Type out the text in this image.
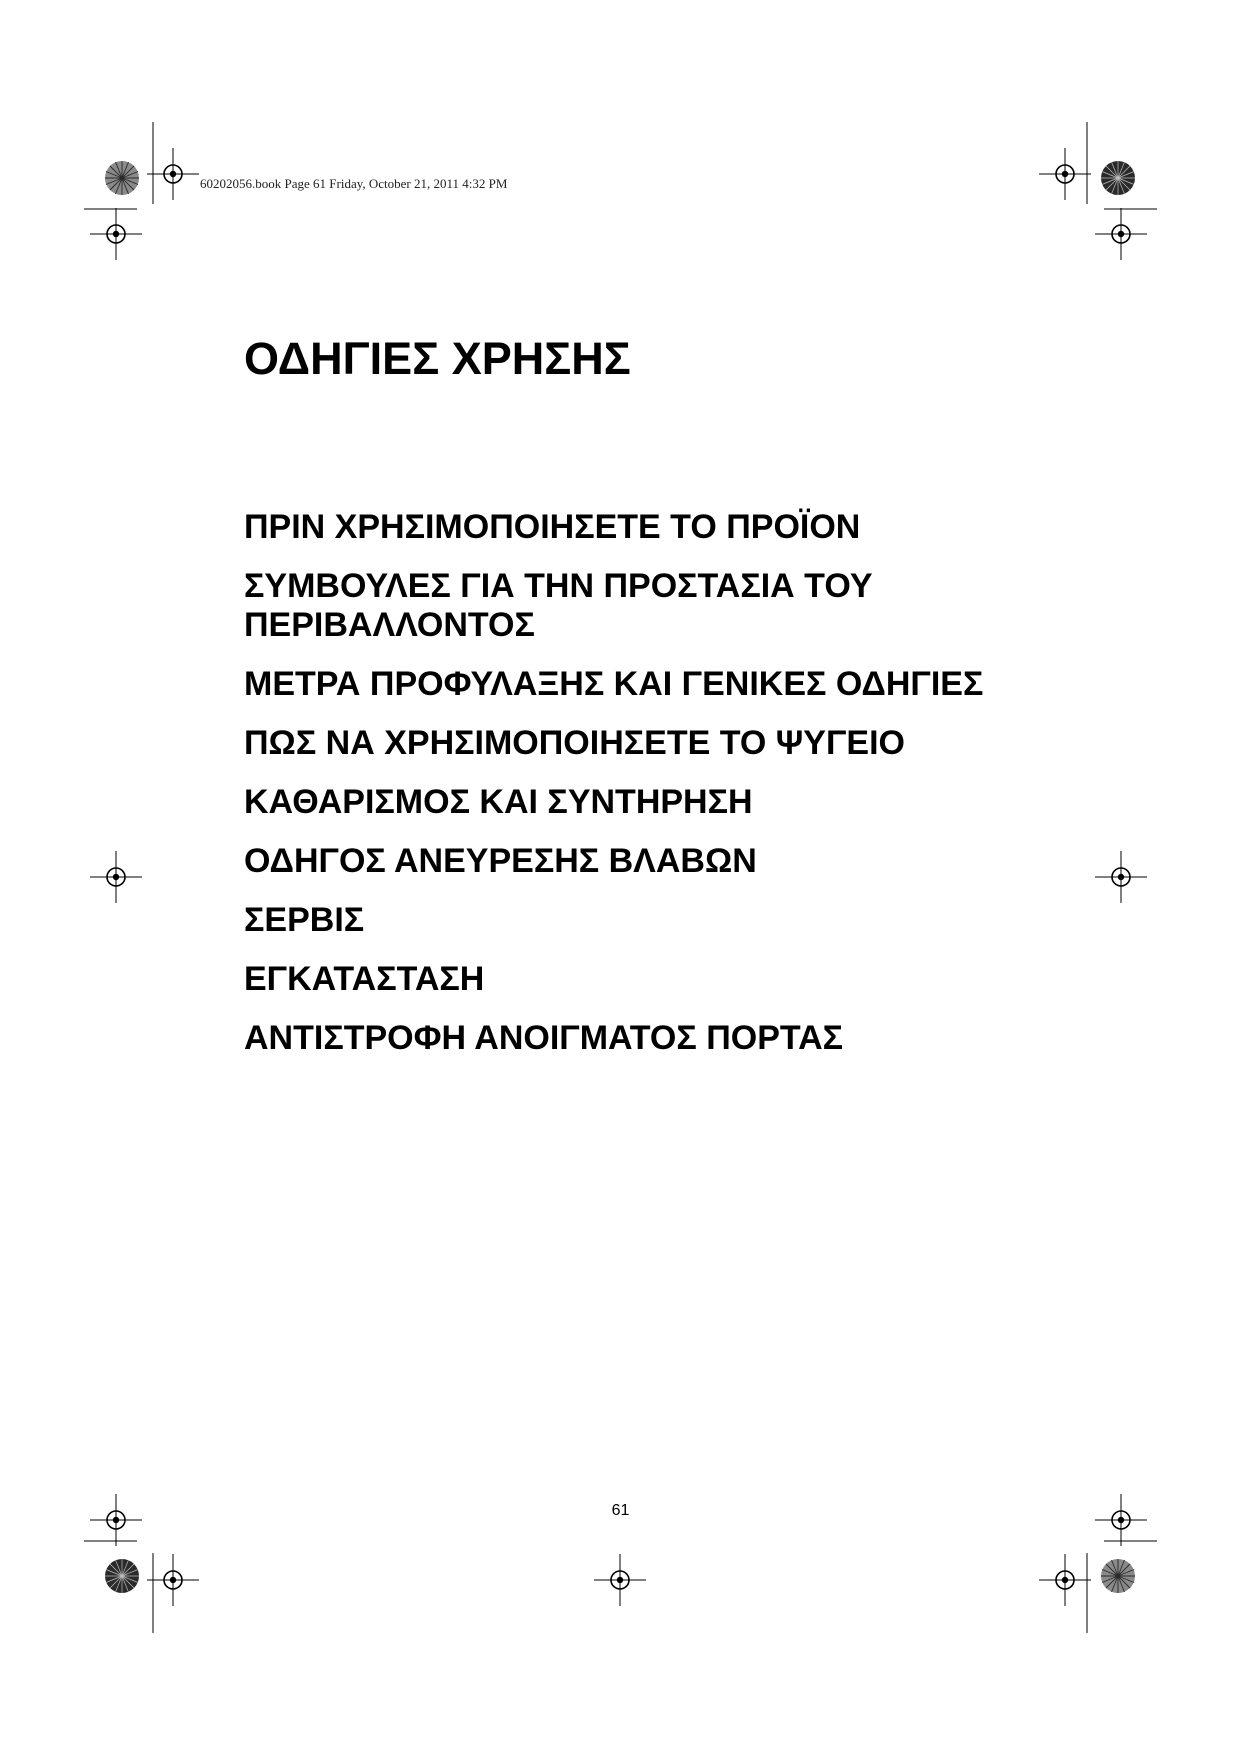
60202056.book Page 61 Friday, October 21, 2011 4:32 PM
ΟΔΗΓΙΕΣ ΧΡΗΣΗΣ
ΠΡΙΝ ΧΡΗΣΙΜΟΠΟΙΗΣΕΤΕ ΤΟ ΠΡΟΪΟΝ
ΣΥΜΒΟΥΛΕΣ ΓΙΑ ΤΗΝ ΠΡΟΣΤΑΣΙΑ ΤΟΥ ΠΕΡΙΒΑΛΛΟΝΤΟΣ
ΜΕΤΡΑ ΠΡΟΦΥΛΑΞΗΣ ΚΑΙ ΓΕΝΙΚΕΣ ΟΔΗΓΙΕΣ
ΠΩΣ ΝΑ ΧΡΗΣΙΜΟΠΟΙΗΣΕΤΕ ΤΟ ΨΥΓΕΙΟ
ΚΑΘΑΡΙΣΜΟΣ ΚΑΙ ΣΥΝΤΗΡΗΣΗ
ΟΔΗΓΟΣ ΑΝΕΥΡΕΣΗΣ ΒΛΑΒΩΝ
ΣΕΡΒΙΣ
ΕΓΚΑΤΑΣΤΑΣΗ
ΑΝΤΙΣΤΡΟΦΗ ΑΝΟΙΓΜΑΤΟΣ ΠΟΡΤΑΣ
61
